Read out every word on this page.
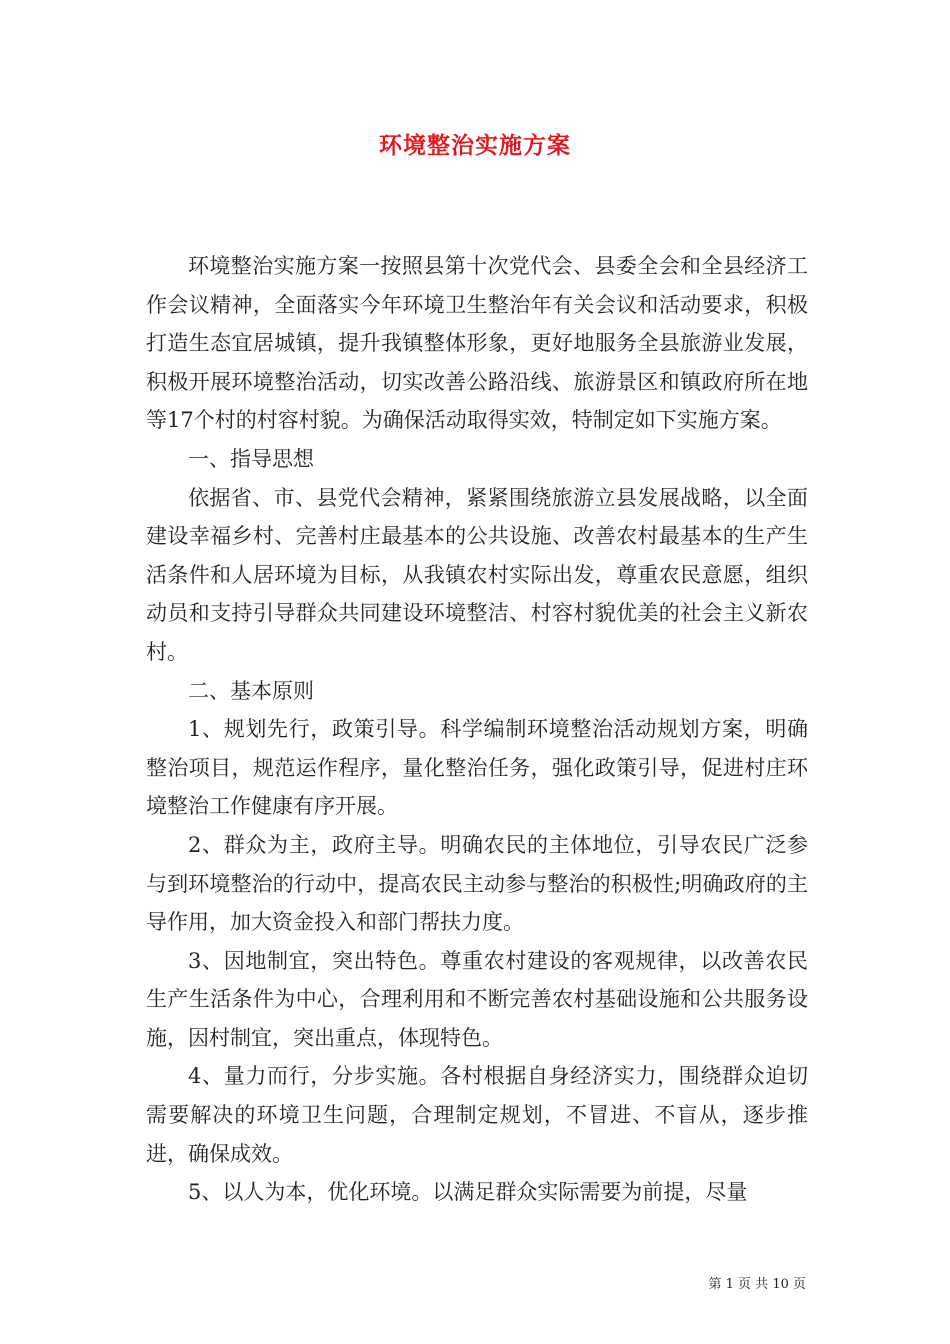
环境整治实施方案

环境整治实施方案一按照县第十次党代会、县委全会和全县经济工作会议精神，全面落实今年环境卫生整治年有关会议和活动要求，积极打造生态宜居城镇，提升我镇整体形象，更好地服务全县旅游业发展，积极开展环境整治活动，切实改善公路沿线、旅游景区和镇政府所在地等17个村的村容村貌。为确保活动取得实效，特制定如下实施方案。

一、指导思想

依据省、市、县党代会精神，紧紧围绕旅游立县发展战略，以全面建设幸福乡村、完善村庄最基本的公共设施、改善农村最基本的生产生活条件和人居环境为目标，从我镇农村实际出发，尊重农民意愿，组织动员和支持引导群众共同建设环境整洁、村容村貌优美的社会主义新农村。

二、基本原则

1、规划先行，政策引导。科学编制环境整治活动规划方案，明确整治项目，规范运作程序，量化整治任务，强化政策引导，促进村庄环境整治工作健康有序开展。

2、群众为主，政府主导。明确农民的主体地位，引导农民广泛参与到环境整治的行动中，提高农民主动参与整治的积极性;明确政府的主导作用，加大资金投入和部门帮扶力度。

3、因地制宜，突出特色。尊重农村建设的客观规律，以改善农民生产生活条件为中心，合理利用和不断完善农村基础设施和公共服务设施，因村制宜，突出重点，体现特色。

4、量力而行，分步实施。各村根据自身经济实力，围绕群众迫切需要解决的环境卫生问题，合理制定规划，不冒进、不盲从，逐步推进，确保成效。

5、以人为本，优化环境。以满足群众实际需要为前提，尽量

第 1 页 共 10 页
